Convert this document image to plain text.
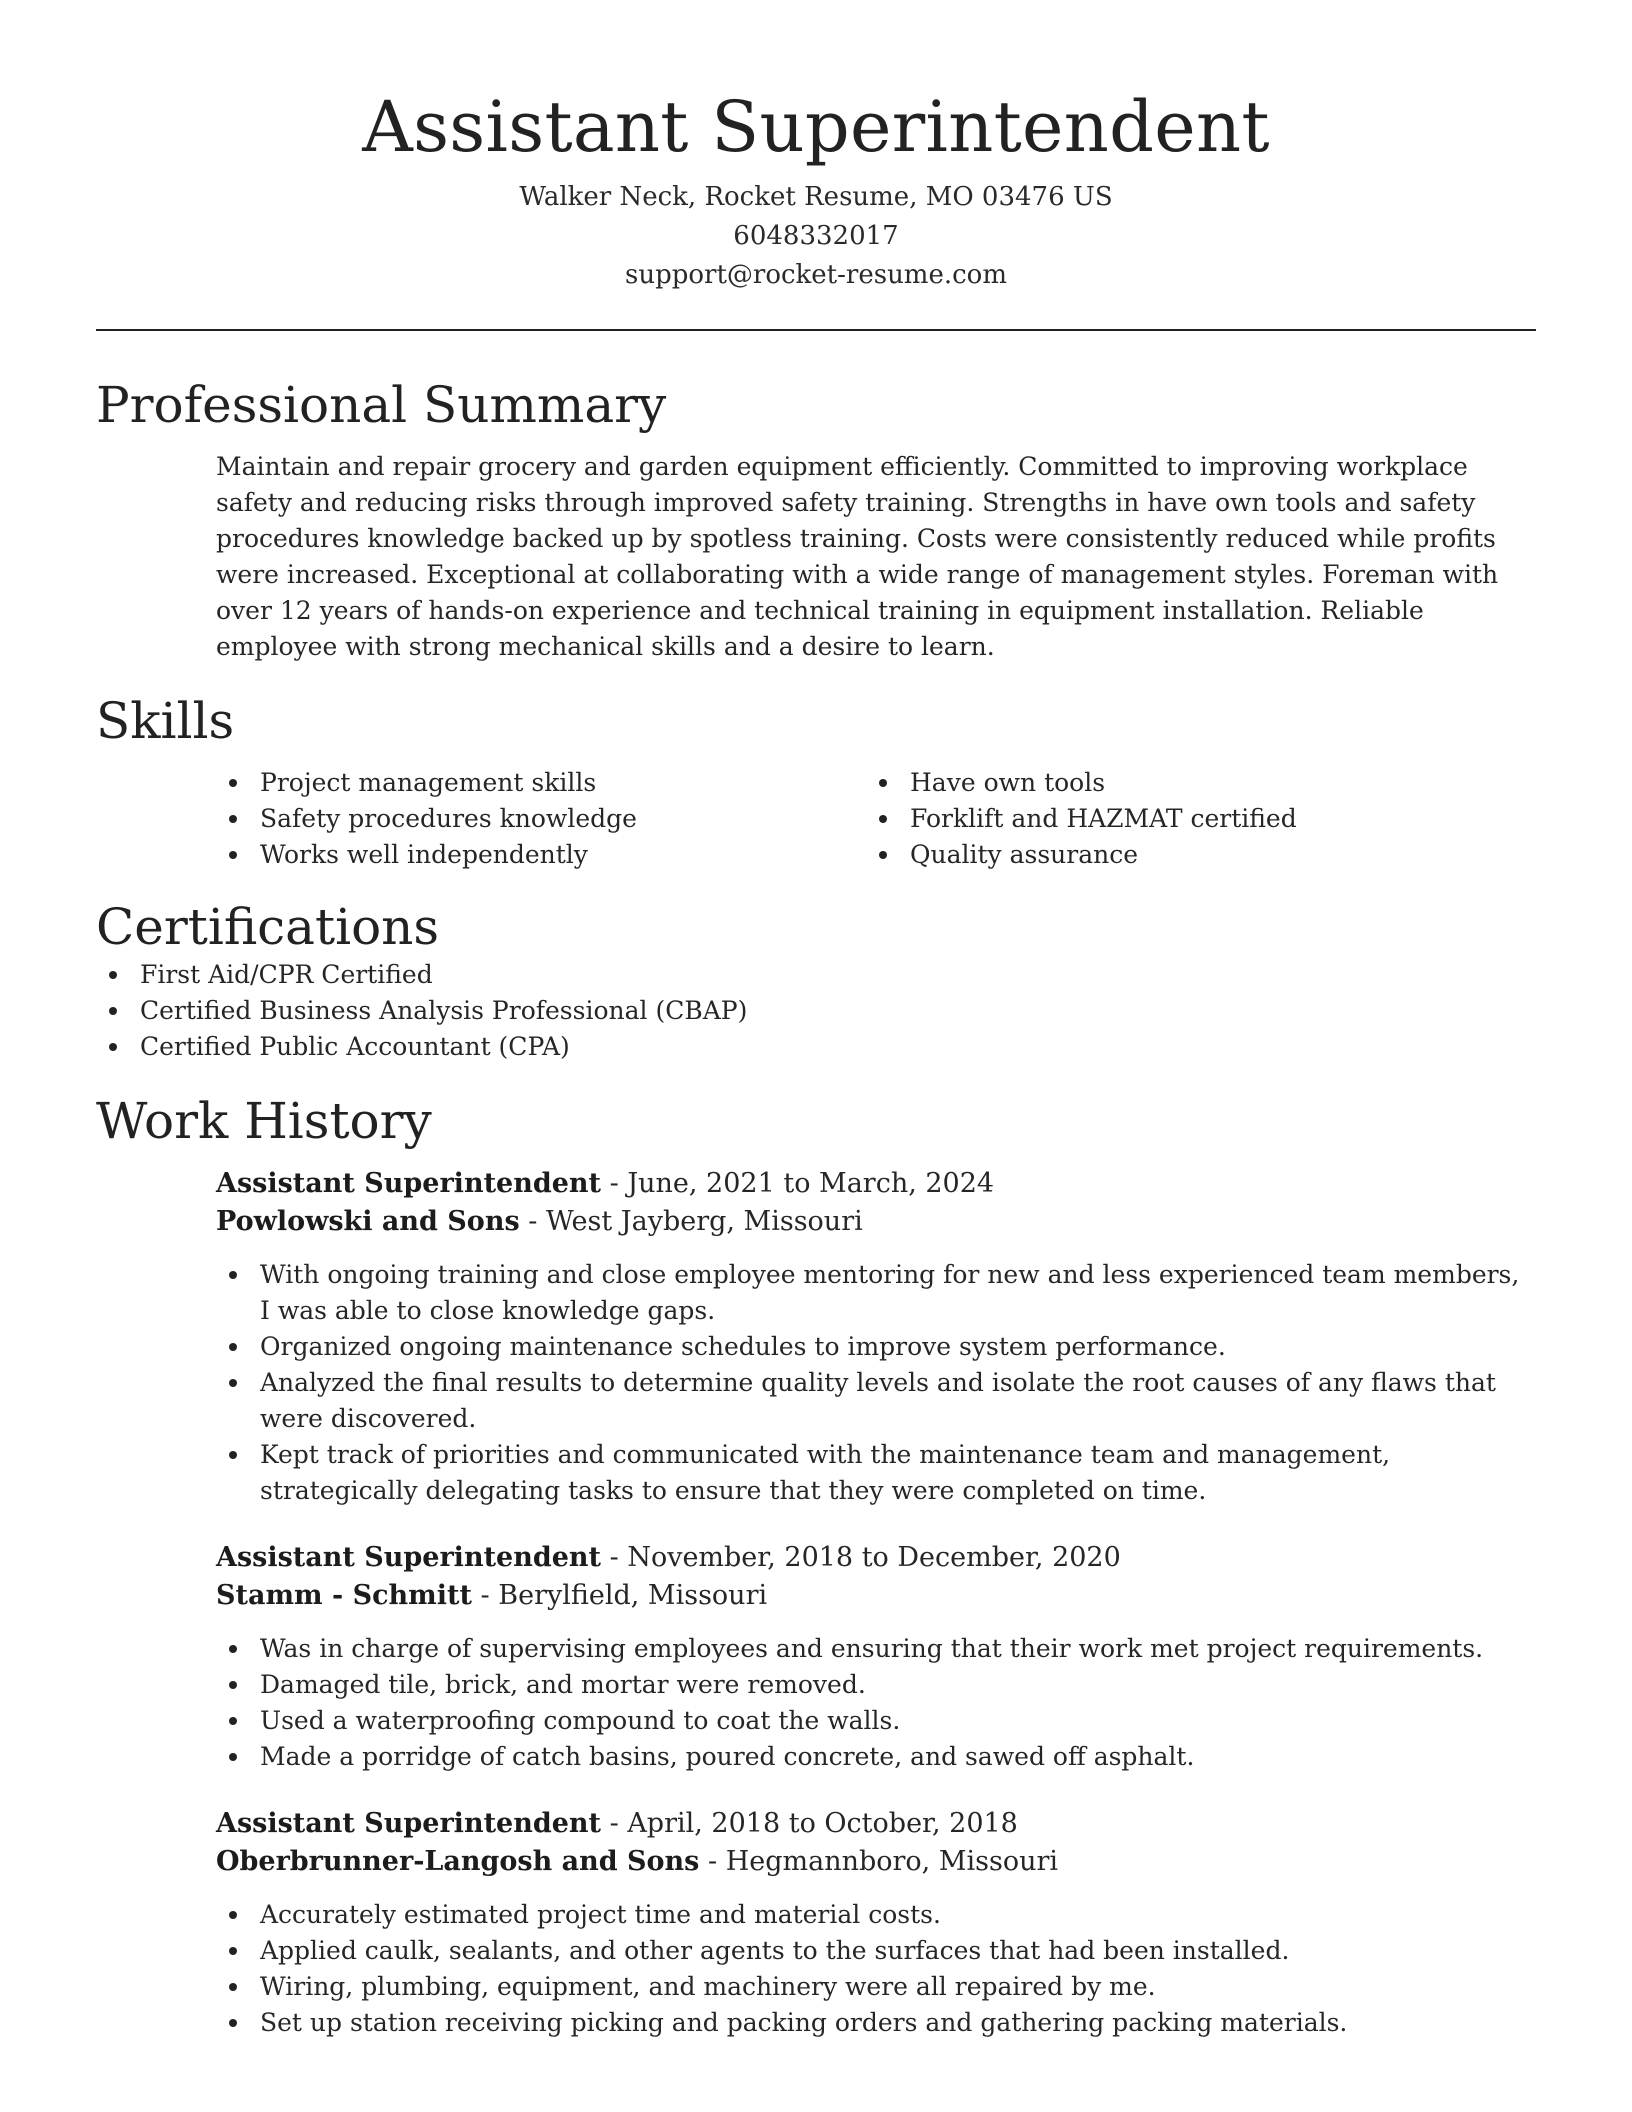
Assistant Superintendent
Walker Neck, Rocket Resume, MO 03476 US
6048332017
support@rocket-resume.com
Professional Summary

Maintain and repair grocery and garden equipment efficiently. Committed to improving workplace safety and reducing risks through improved safety training. Strengths in have own tools and safety procedures knowledge backed up by spotless training. Costs were consistently reduced while profits were increased. Exceptional at collaborating with a wide range of management styles. Foreman with over 12 years of hands-on experience and technical training in equipment installation. Reliable employee with strong mechanical skills and a desire to learn.

Skills
Project management skills
Safety procedures knowledge
Works well independently
Have own tools
Forklift and HAZMAT certified
Quality assurance
Certifications
First Aid/CPR Certified
Certified Business Analysis Professional (CBAP)
Certified Public Accountant (CPA)
Work History
Assistant Superintendent - June, 2021 to March, 2024
Powlowski and Sons - West Jayberg, Missouri
With ongoing training and close employee mentoring for new and less experienced team members, I was able to close knowledge gaps.
Organized ongoing maintenance schedules to improve system performance.
Analyzed the final results to determine quality levels and isolate the root causes of any flaws that were discovered.
Kept track of priorities and communicated with the maintenance team and management, strategically delegating tasks to ensure that they were completed on time.
Assistant Superintendent - November, 2018 to December, 2020
Stamm - Schmitt - Berylfield, Missouri
Was in charge of supervising employees and ensuring that their work met project requirements.
Damaged tile, brick, and mortar were removed.
Used a waterproofing compound to coat the walls.
Made a porridge of catch basins, poured concrete, and sawed off asphalt.
Assistant Superintendent - April, 2018 to October, 2018
Oberbrunner-Langosh and Sons - Hegmannboro, Missouri
Accurately estimated project time and material costs.
Applied caulk, sealants, and other agents to the surfaces that had been installed.
Wiring, plumbing, equipment, and machinery were all repaired by me.
Set up station receiving picking and packing orders and gathering packing materials.
